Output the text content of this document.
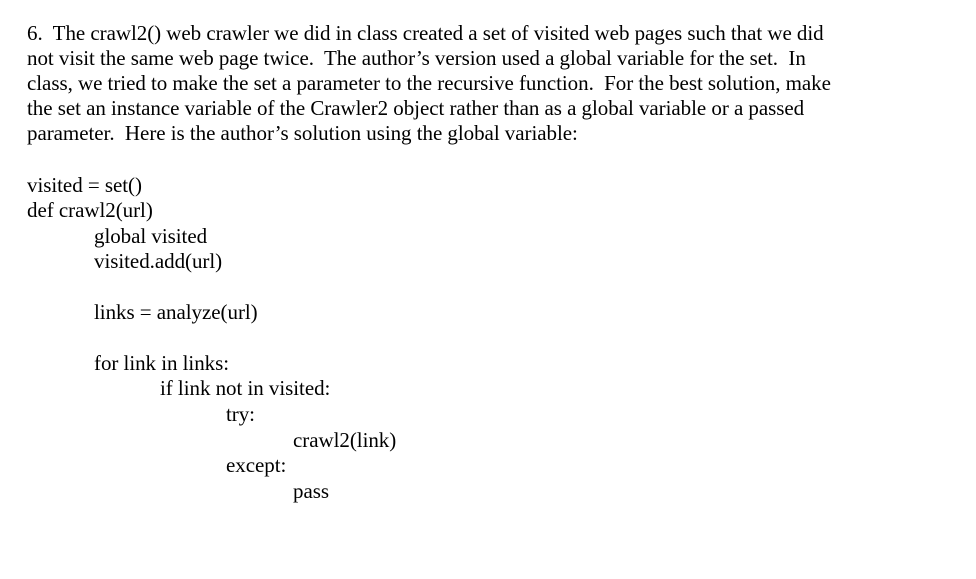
6.  The crawl2() web crawler we did in class created a set of visited web pages such that we did
not visit the same web page twice.  The author’s version used a global variable for the set.  In
class, we tried to make the set a parameter to the recursive function.  For the best solution, make
the set an instance variable of the Crawler2 object rather than as a global variable or a passed
parameter.  Here is the author’s solution using the global variable:
visited = set()
def crawl2(url)
global visited
visited.add(url)
links = analyze(url)
for link in links:
if link not in visited:
try:
crawl2(link)
except:
pass
